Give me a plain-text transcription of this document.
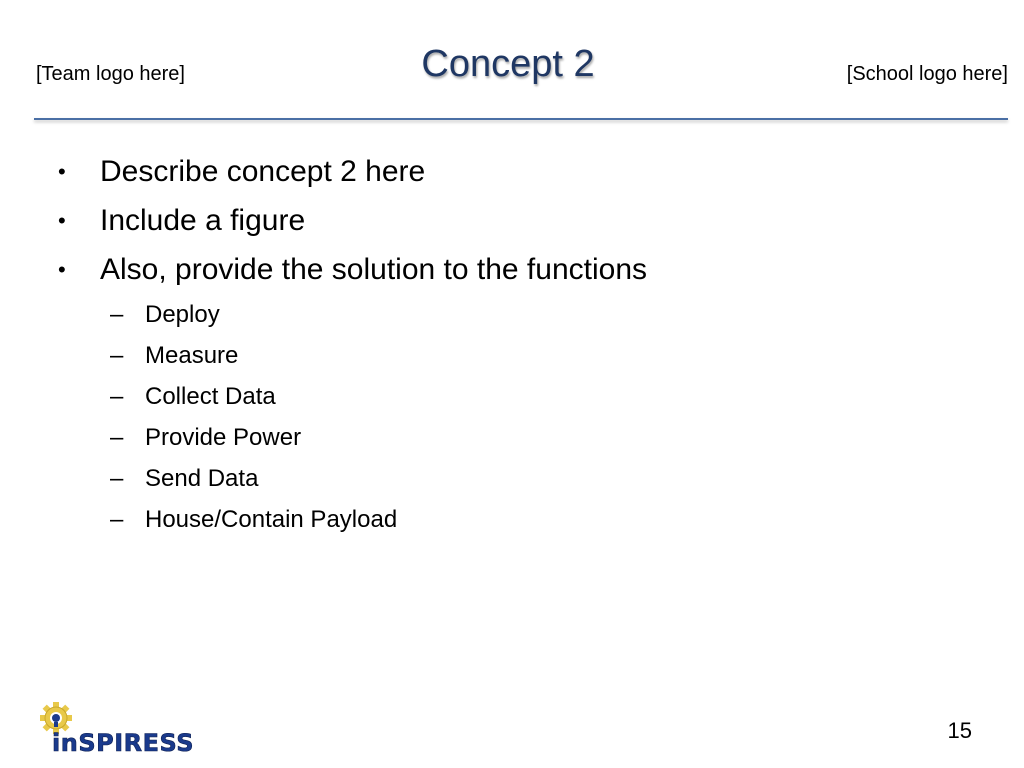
[Team logo here]	Concept 2	[School logo here]
•	Describe concept 2 here
•	Include a figure
•	Also, provide the solution to the functions
– Deploy
– Measure
– Collect Data
– Provide Power
– Send Data
– House/Contain Payload
inSPIRESS	15
